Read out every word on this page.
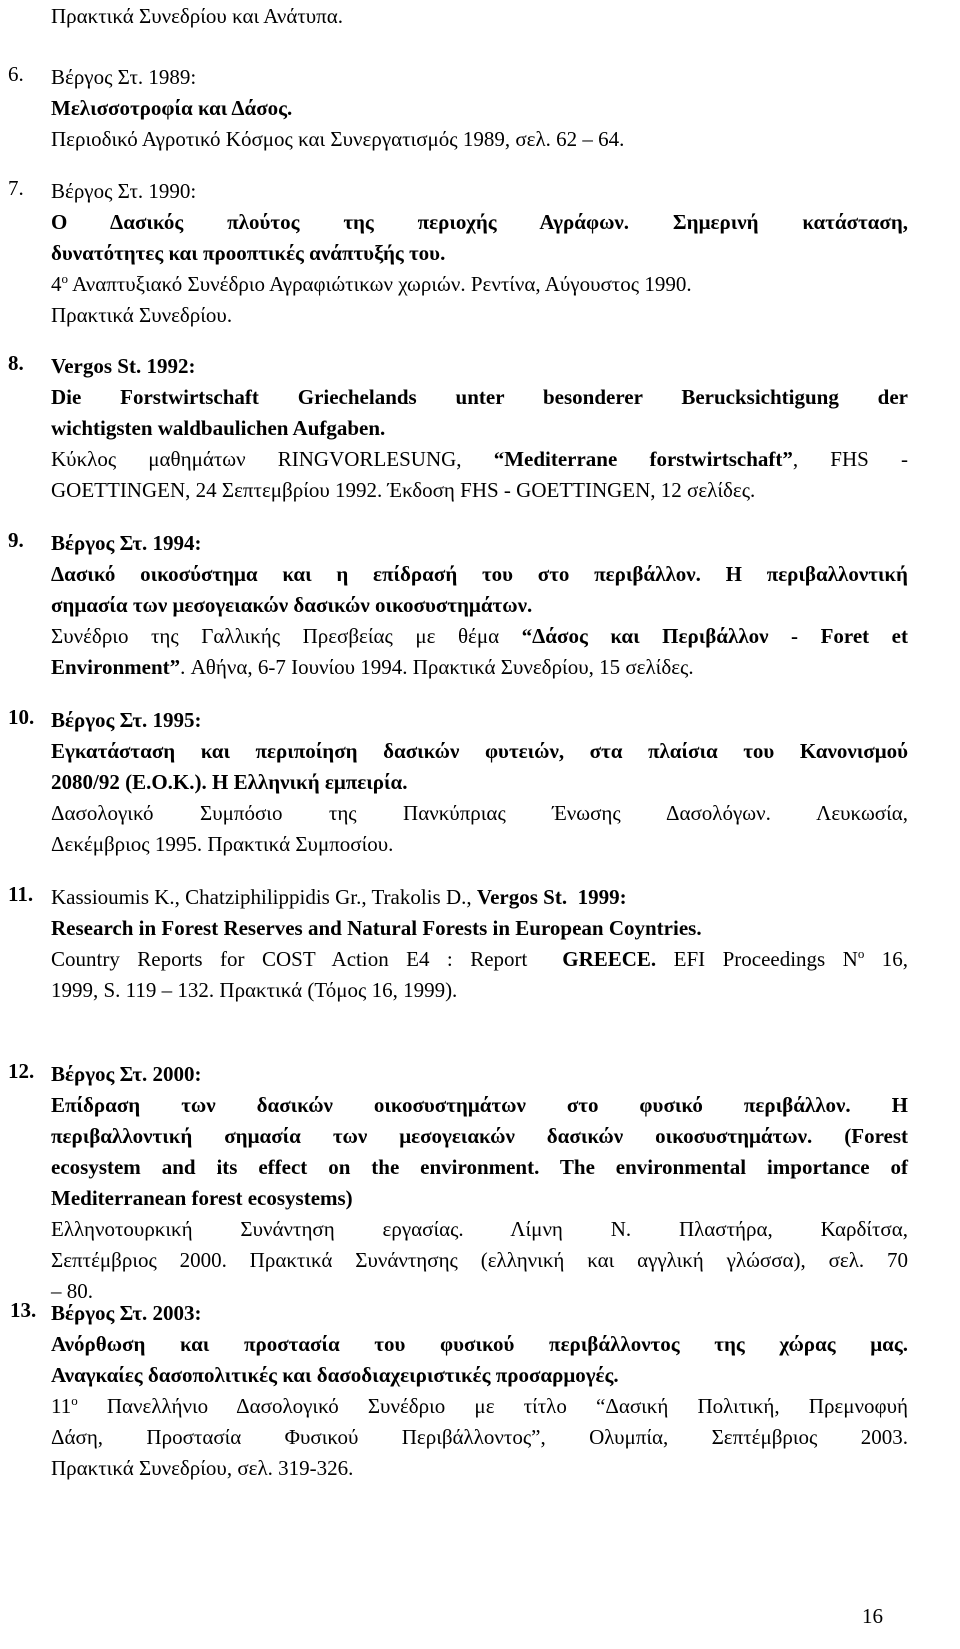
Πρακτικά Συνεδρίου και Ανάτυπα.
6. Βέργος Στ. 1989:
Μελισσοτροφία και Δάσος.
Περιοδικό Αγροτικό Κόσμος και Συνεργατισμός 1989, σελ. 62 – 64.
7. Βέργος Στ. 1990:
Ο Δασικός πλούτος της περιοχής Αγράφων. Σημερινή κατάσταση,
δυνατότητες και προοπτικές ανάπτυξής του.
$4^o$ Αναπτυξιακό Συνέδριο Αγραφιώτικων χωριών. Ρεντίνα, Αύγουστος 1990.
Πρακτικά Συνεδρίου.
8. Vergos St. 1992:
Die Forstwirtschaft Griechelands unter besonderer Berucksichtigung der
wichtigsten waldbaulichen Aufgaben.
Κύκλος μαθημάτων RINGVORLESUNG, “Mediterrane forstwirtschaft”, FHS -
GOETTINGEN, 24 Σεπτεμβρίου 1992. Έκδοση FHS - GOETTINGEN, 12 σελίδες.
9. Βέργος Στ. 1994:
Δασικό οικοσύστημα και η επίδρασή του στο περιβάλλον. Η περιβαλλοντική
σημασία των μεσογειακών δασικών οικοσυστημάτων.
Συνέδριο της Γαλλικής Πρεσβείας με θέμα “Δάσος και Περιβάλλον - Foret et
Environment”. Αθήνα, 6-7 Ιουνίου 1994. Πρακτικά Συνεδρίου, 15 σελίδες.
10. Βέργος Στ. 1995:
Εγκατάσταση και περιποίηση δασικών φυτειών, στα πλαίσια του Κανονισμού
2080/92 (Ε.Ο.Κ.). Η Ελληνική εμπειρία.
Δασολογικό Συμπόσιο της Πανκύπριας Ένωσης Δασολόγων. Λευκωσία,
Δεκέμβριος 1995. Πρακτικά Συμποσίου.
11. Kassioumis K., Chatziphilippidis Gr., Trakolis D., Vergos St. 1999:
Research in Forest Reserves and Natural Forests in European Coyntries.
Country Reports for COST Action E4 : Report GREECE. EFI Proceedings $N^o$ 16,
1999, S. 119 – 132. Πρακτικά (Τόμος 16, 1999).
12. Βέργος Στ. 2000:
Επίδραση των δασικών οικοσυστημάτων στο φυσικό περιβάλλον. Η
περιβαλλοντική σημασία των μεσογειακών δασικών οικοσυστημάτων. (Forest
ecosystem and its effect on the environment. The environmental importance of
Mediterranean forest ecosystems)
Ελληνοτουρκική Συνάντηση εργασίας. Λίμνη Ν. Πλαστήρα, Καρδίτσα,
Σεπτέμβριος 2000. Πρακτικά Συνάντησης (ελληνική και αγγλική γλώσσα), σελ. 70
– 80.
13. Βέργος Στ. 2003:
Ανόρθωση και προστασία του φυσικού περιβάλλοντος της χώρας μας.
Αναγκαίες δασοπολιτικές και δασοδιαχειριστικές προσαρμογές.
$11^o$ Πανελλήνιο Δασολογικό Συνέδριο με τίτλο “Δασική Πολιτική, Πρεμνοφυή
Δάση, Προστασία Φυσικού Περιβάλλοντος”, Ολυμπία, Σεπτέμβριος 2003.
Πρακτικά Συνεδρίου, σελ. 319-326.
16
